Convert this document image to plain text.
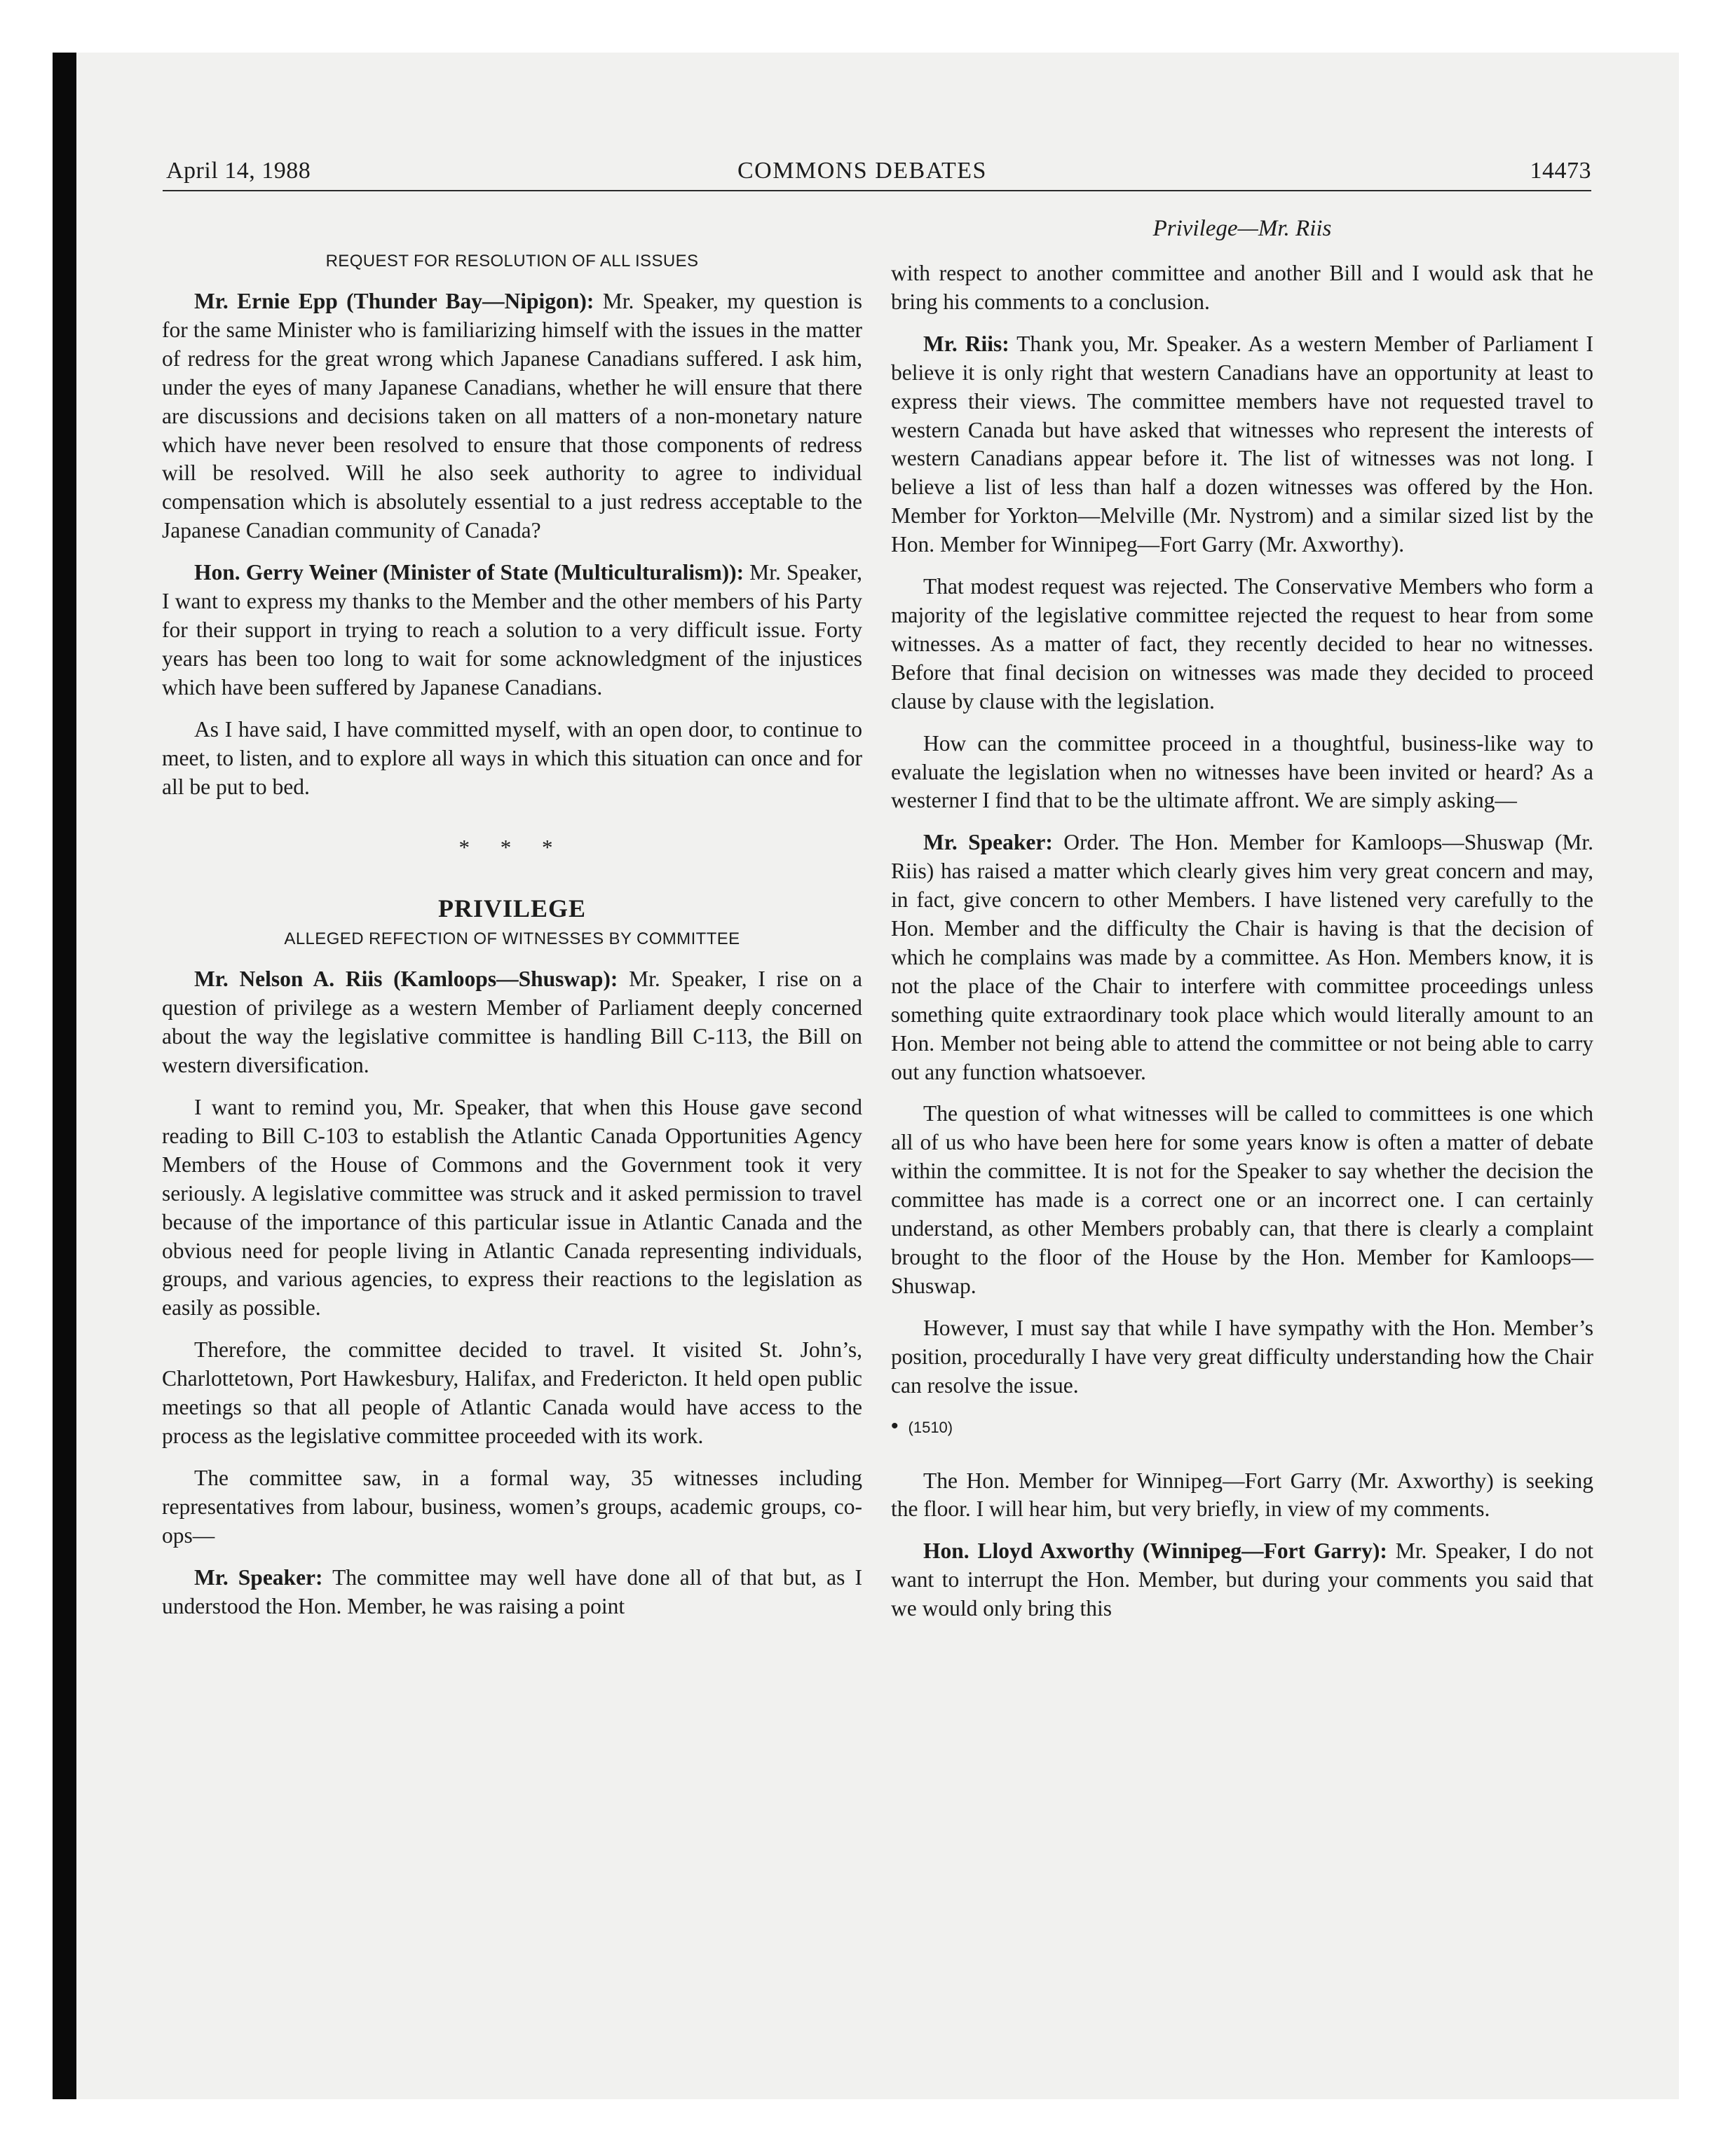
April 14, 1988	COMMONS DEBATES	14473
Privilege—Mr. Riis
REQUEST FOR RESOLUTION OF ALL ISSUES

Mr. Ernie Epp (Thunder Bay—Nipigon): Mr. Speaker, my question is for the same Minister who is familiarizing himself with the issues in the matter of redress for the great wrong which Japanese Canadians suffered. I ask him, under the eyes of many Japanese Canadians, whether he will ensure that there are discussions and decisions taken on all matters of a non-monetary nature which have never been resolved to ensure that those components of redress will be resolved. Will he also seek authority to agree to individual compensation which is absolutely essential to a just redress acceptable to the Japanese Canadian community of Canada?

Hon. Gerry Weiner (Minister of State (Multiculturalism)): Mr. Speaker, I want to express my thanks to the Member and the other members of his Party for their support in trying to reach a solution to a very difficult issue. Forty years has been too long to wait for some acknowledgment of the injustices which have been suffered by Japanese Canadians.

As I have said, I have committed myself, with an open door, to continue to meet, to listen, and to explore all ways in which this situation can once and for all be put to bed.

* * *
PRIVILEGE
ALLEGED REFECTION OF WITNESSES BY COMMITTEE

Mr. Nelson A. Riis (Kamloops—Shuswap): Mr. Speaker, I rise on a question of privilege as a western Member of Parliament deeply concerned about the way the legislative committee is handling Bill C-113, the Bill on western diversification.

I want to remind you, Mr. Speaker, that when this House gave second reading to Bill C-103 to establish the Atlantic Canada Opportunities Agency Members of the House of Commons and the Government took it very seriously. A legislative committee was struck and it asked permission to travel because of the importance of this particular issue in Atlantic Canada and the obvious need for people living in Atlantic Canada representing individuals, groups, and various agencies, to express their reactions to the legislation as easily as possible.

Therefore, the committee decided to travel. It visited St. John’s, Charlottetown, Port Hawkesbury, Halifax, and Fredericton. It held open public meetings so that all people of Atlantic Canada would have access to the process as the legislative committee proceeded with its work.

The committee saw, in a formal way, 35 witnesses including representatives from labour, business, women’s groups, academic groups, co-ops—

Mr. Speaker: The committee may well have done all of that but, as I understood the Hon. Member, he was raising a point

with respect to another committee and another Bill and I would ask that he bring his comments to a conclusion.

Mr. Riis: Thank you, Mr. Speaker. As a western Member of Parliament I believe it is only right that western Canadians have an opportunity at least to express their views. The committee members have not requested travel to western Canada but have asked that witnesses who represent the interests of western Canadians appear before it. The list of witnesses was not long. I believe a list of less than half a dozen witnesses was offered by the Hon. Member for Yorkton—Melville (Mr. Nystrom) and a similar sized list by the Hon. Member for Winnipeg—Fort Garry (Mr. Axworthy).

That modest request was rejected. The Conservative Members who form a majority of the legislative committee rejected the request to hear from some witnesses. As a matter of fact, they recently decided to hear no witnesses. Before that final decision on witnesses was made they decided to proceed clause by clause with the legislation.

How can the committee proceed in a thoughtful, business-like way to evaluate the legislation when no witnesses have been invited or heard? As a westerner I find that to be the ultimate affront. We are simply asking—

Mr. Speaker: Order. The Hon. Member for Kamloops—Shuswap (Mr. Riis) has raised a matter which clearly gives him very great concern and may, in fact, give concern to other Members. I have listened very carefully to the Hon. Member and the difficulty the Chair is having is that the decision of which he complains was made by a committee. As Hon. Members know, it is not the place of the Chair to interfere with committee proceedings unless something quite extraordinary took place which would literally amount to an Hon. Member not being able to attend the committee or not being able to carry out any function whatsoever.

The question of what witnesses will be called to committees is one which all of us who have been here for some years know is often a matter of debate within the committee. It is not for the Speaker to say whether the decision the committee has made is a correct one or an incorrect one. I can certainly understand, as other Members probably can, that there is clearly a complaint brought to the floor of the House by the Hon. Member for Kamloops—Shuswap.

However, I must say that while I have sympathy with the Hon. Member’s position, procedurally I have very great difficulty understanding how the Chair can resolve the issue.

• (1510)

The Hon. Member for Winnipeg—Fort Garry (Mr. Axworthy) is seeking the floor. I will hear him, but very briefly, in view of my comments.

Hon. Lloyd Axworthy (Winnipeg—Fort Garry): Mr. Speaker, I do not want to interrupt the Hon. Member, but during your comments you said that we would only bring this
